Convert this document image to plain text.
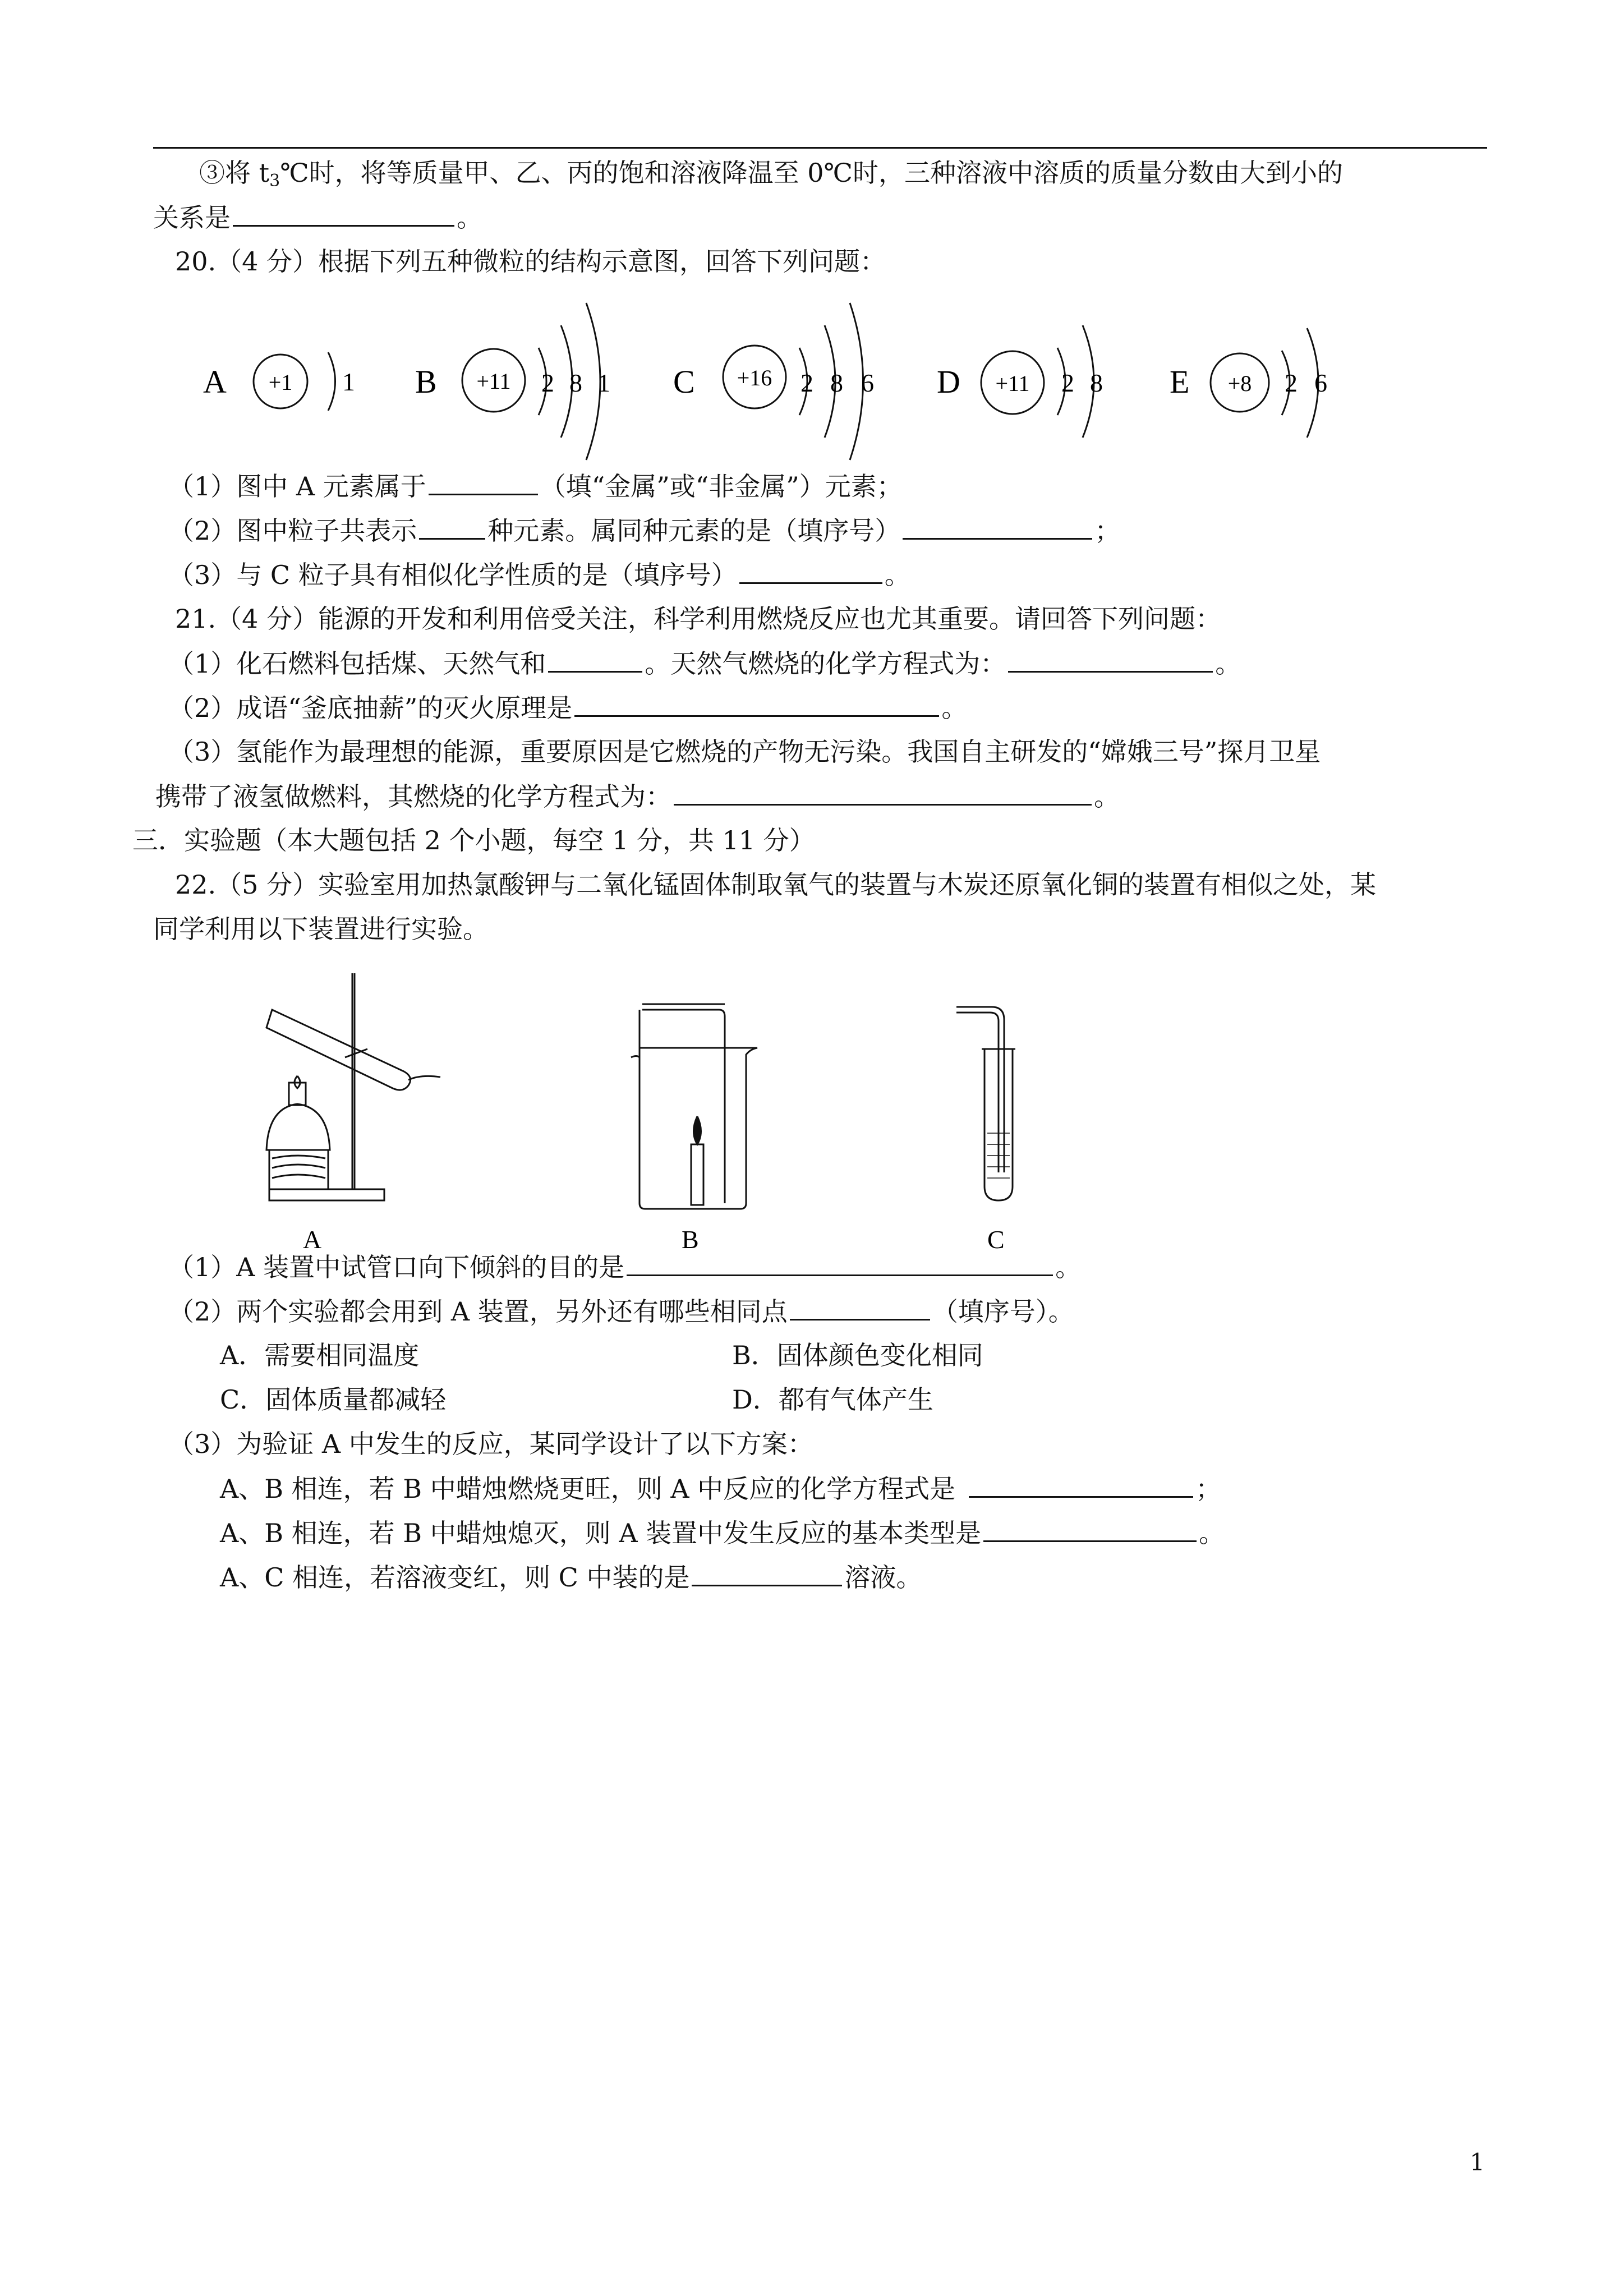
③将 $t_3℃$时，将等质量甲、乙、丙的饱和溶液降温至 0℃时，三种溶液中溶质的质量分数由大到小的
关系是	。
20.（4 分）根据下列五种微粒的结构示意图，回答下列问题：
A +1 1 B +11 2 8 1 C +16 2 8 6 D +11 2 8 E +8 2 6
（1）图中 A 元素属于	（填“金属”或“非金属”）元素；
（2）图中粒子共表示	种元素。属同种元素的是（填序号）	；
（3）与 C 粒子具有相似化学性质的是（填序号）	。
21.（4 分）能源的开发和利用倍受关注，科学利用燃烧反应也尤其重要。请回答下列问题：
（1）化石燃料包括煤、天然气和	。天然气燃烧的化学方程式为：	。
（2）成语“釜底抽薪”的灭火原理是	。
（3）氢能作为最理想的能源，重要原因是它燃烧的产物无污染。我国自主研发的“嫦娥三号”探月卫星
携带了液氢做燃料，其燃烧的化学方程式为：	。
三．实验题（本大题包括 2 个小题，每空 1 分，共 11 分）
22.（5 分）实验室用加热氯酸钾与二氧化锰固体制取氧气的装置与木炭还原氧化铜的装置有相似之处，某
同学利用以下装置进行实验。
A	B	C
（1）A 装置中试管口向下倾斜的目的是	。
（2）两个实验都会用到 A 装置，另外还有哪些相同点	（填序号）。
A．需要相同温度	B．固体颜色变化相同
C．固体质量都减轻	D．都有气体产生
（3）为验证 A 中发生的反应，某同学设计了以下方案：
A、B 相连，若 B 中蜡烛燃烧更旺，则 A 中反应的化学方程式是	；
A、B 相连，若 B 中蜡烛熄灭，则 A 装置中发生反应的基本类型是	。
A、C 相连，若溶液变红，则 C 中装的是	溶液。
1
